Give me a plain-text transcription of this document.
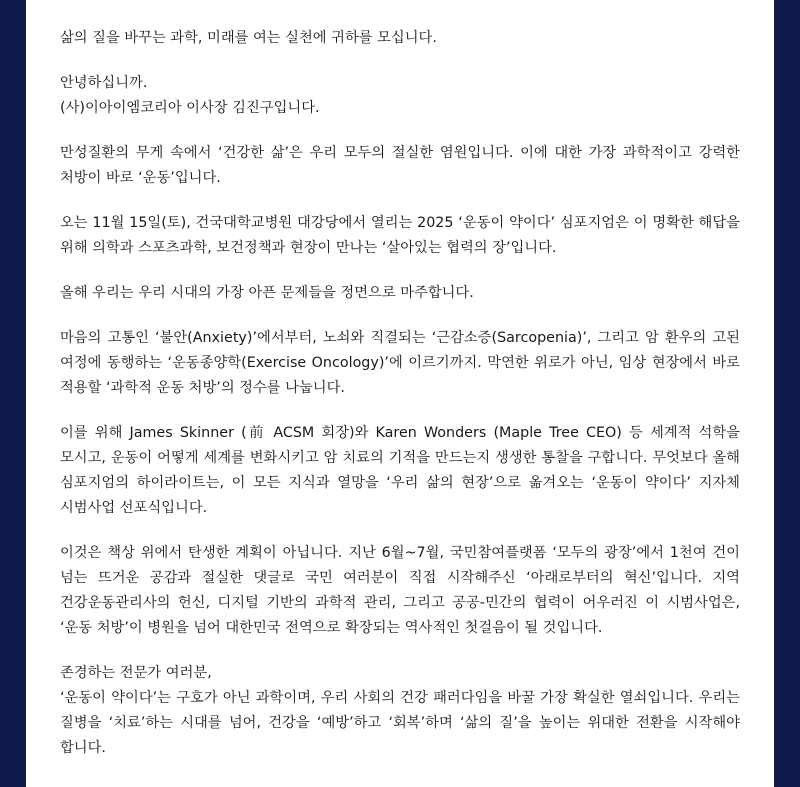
삶의 질을 바꾸는 과학, 미래를 여는 실천에 귀하를 모십니다.

안녕하십니까.

(사)이아이엠코리아 이사장 김진구입니다.

만성질환의 무게 속에서 ‘건강한 삶’은 우리 모두의 절실한 염원입니다. 이에 대한 가장 과학적이고 강력한 처방이 바로 ‘운동’입니다.

오는 11월 15일(토), 건국대학교병원 대강당에서 열리는 2025 ‘운동이 약이다’ 심포지엄은 이 명확한 해답을 위해 의학과 스포츠과학, 보건정책과 현장이 만나는 ‘살아있는 협력의 장’입니다.

올해 우리는 우리 시대의 가장 아픈 문제들을 정면으로 마주합니다.

마음의 고통인 ‘불안(Anxiety)’에서부터, 노쇠와 직결되는 ‘근감소증(Sarcopenia)’, 그리고 암 환우의 고된 여정에 동행하는 ‘운동종양학(Exercise Oncology)’에 이르기까지. 막연한 위로가 아닌, 임상 현장에서 바로 적용할 ‘과학적 운동 처방’의 정수를 나눕니다.

이를 위해 James Skinner (前 ACSM 회장)와 Karen Wonders (Maple Tree CEO) 등 세계적 석학을 모시고, 운동이 어떻게 세계를 변화시키고 암 치료의 기적을 만드는지 생생한 통찰을 구합니다. 무엇보다 올해 심포지엄의 하이라이트는, 이 모든 지식과 열망을 ‘우리 삶의 현장’으로 옮겨오는 ‘운동이 약이다’ 지자체 시범사업 선포식입니다.

이것은 책상 위에서 탄생한 계획이 아닙니다. 지난 6월~7월, 국민참여플랫폼 ‘모두의 광장’에서 1천여 건이 넘는 뜨거운 공감과 절실한 댓글로 국민 여러분이 직접 시작해주신 ‘아래로부터의 혁신’입니다. 지역 건강운동관리사의 헌신, 디지털 기반의 과학적 관리, 그리고 공공-민간의 협력이 어우러진 이 시범사업은, ‘운동 처방’이 병원을 넘어 대한민국 전역으로 확장되는 역사적인 첫걸음이 될 것입니다.

존경하는 전문가 여러분,

‘운동이 약이다’는 구호가 아닌 과학이며, 우리 사회의 건강 패러다임을 바꿀 가장 확실한 열쇠입니다. 우리는 질병을 ‘치료’하는 시대를 넘어, 건강을 ‘예방’하고 ‘회복’하며 ‘삶의 질’을 높이는 위대한 전환을 시작해야 합니다.
